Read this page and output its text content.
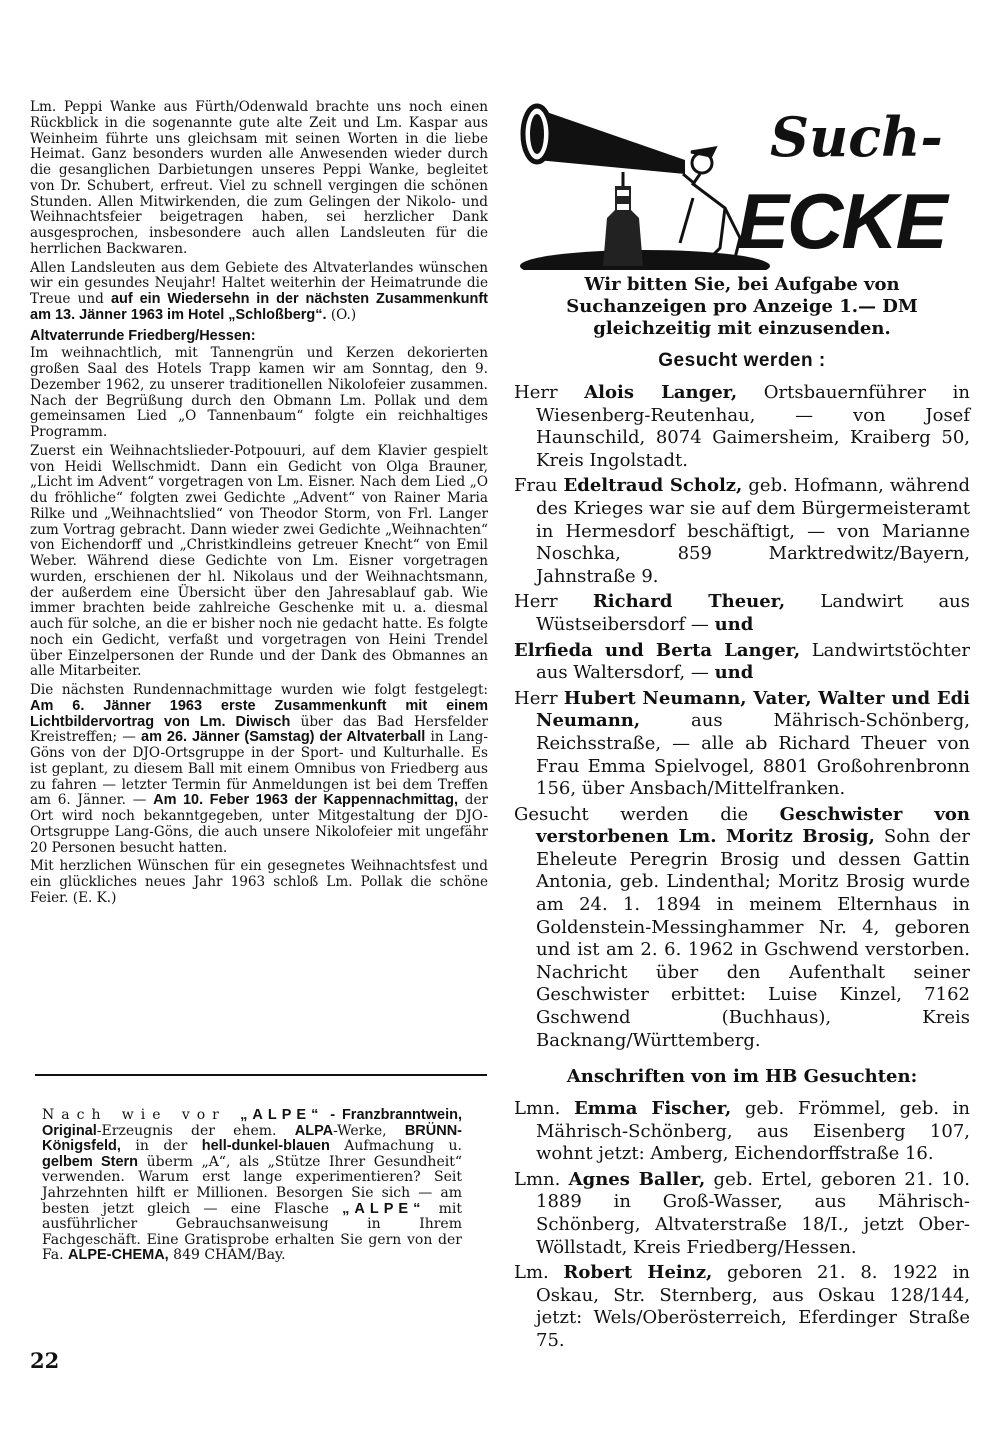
Lm. Peppi Wanke aus Fürth/Odenwald brachte uns noch einen Rückblick in die sogenannte gute alte Zeit und Lm. Kaspar aus Weinheim führte uns gleichsam mit seinen Worten in die liebe Heimat. Ganz besonders wurden alle Anwesenden wieder durch die gesanglichen Darbietungen unseres Peppi Wanke, begleitet von Dr. Schubert, erfreut. Viel zu schnell vergingen die schönen Stunden. Allen Mitwirkenden, die zum Gelingen der Nikolo- und Weihnachtsfeier beigetragen haben, sei herzlicher Dank ausgesprochen, insbesondere auch allen Landsleuten für die herrlichen Backwaren.

Allen Landsleuten aus dem Gebiete des Altvaterlandes wünschen wir ein gesundes Neujahr! Haltet weiterhin der Heimatrunde die Treue und auf ein Wiedersehn in der nächsten Zusammenkunft am 13. Jänner 1963 im Hotel „Schloßberg“. (O.)

Altvaterrunde Friedberg/Hessen:

Im weihnachtlich, mit Tannengrün und Kerzen dekorierten großen Saal des Hotels Trapp kamen wir am Sonntag, den 9. Dezember 1962, zu unserer traditionellen Nikolofeier zusammen. Nach der Begrüßung durch den Obmann Lm. Pollak und dem gemeinsamen Lied „O Tannenbaum“ folgte ein reichhaltiges Programm.

Zuerst ein Weihnachtslieder-Potpouuri, auf dem Klavier gespielt von Heidi Wellschmidt. Dann ein Gedicht von Olga Brauner, „Licht im Advent“ vorgetragen von Lm. Eisner. Nach dem Lied „O du fröhliche“ folgten zwei Gedichte „Advent“ von Rainer Maria Rilke und „Weihnachtslied“ von Theodor Storm, von Frl. Langer zum Vortrag gebracht. Dann wieder zwei Gedichte „Weihnachten“ von Eichendorff und „Christkindleins getreuer Knecht“ von Emil Weber. Während diese Gedichte von Lm. Eisner vorgetragen wurden, erschienen der hl. Nikolaus und der Weihnachtsmann, der außerdem eine Übersicht über den Jahresablauf gab. Wie immer brachten beide zahlreiche Geschenke mit u. a. diesmal auch für solche, an die er bisher noch nie gedacht hatte. Es folgte noch ein Gedicht, verfaßt und vorgetragen von Heini Trendel über Einzelpersonen der Runde und der Dank des Obmannes an alle Mitarbeiter.

Die nächsten Rundennachmittage wurden wie folgt festgelegt: Am 6. Jänner 1963 erste Zusammenkunft mit einem Lichtbildervortrag von Lm. Diwisch über das Bad Hersfelder Kreistreffen; — am 26. Jänner (Samstag) der Altvaterball in Lang-Göns von der DJO-Ortsgruppe in der Sport- und Kulturhalle. Es ist geplant, zu diesem Ball mit einem Omnibus von Friedberg aus zu fahren — letzter Termin für Anmeldungen ist bei dem Treffen am 6. Jänner. — Am 10. Feber 1963 der Kappennachmittag, der Ort wird noch bekanntgegeben, unter Mitgestaltung der DJO-Ortsgruppe Lang-Göns, die auch unsere Nikolofeier mit ungefähr 20 Personen besucht hatten.

Mit herzlichen Wünschen für ein gesegnetes Weihnachtsfest und ein glückliches neues Jahr 1963 schloß Lm. Pollak die schöne Feier. (E. K.)

Nach wie vor „ALPE“ - Franzbranntwein, Original-Erzeugnis der ehem. ALPA-Werke, BRÜNN-Königsfeld, in der hell-dunkel-blauen Aufmachung u. gelbem Stern überm „A“, als „Stütze Ihrer Gesundheit“ verwenden. Warum erst lange experimentieren? Seit Jahrzehnten hilft er Millionen. Besorgen Sie sich — am besten jetzt gleich — eine Flasche „ALPE“ mit ausführlicher Gebrauchsanweisung in Ihrem Fachgeschäft. Eine Gratisprobe erhalten Sie gern von der Fa. ALPE-CHEMA, 849 CHAM/Bay.

22
Such-
ECKE
Wir bitten Sie, bei Aufgabe von Suchanzeigen pro Anzeige 1.— DM gleichzeitig mit einzusenden.
Gesucht werden :

Herr Alois Langer, Ortsbauernführer in Wiesenberg-Reutenhau, — von Josef Haunschild, 8074 Gaimersheim, Kraiberg 50, Kreis Ingolstadt.

Frau Edeltraud Scholz, geb. Hofmann, während des Krieges war sie auf dem Bürgermeisteramt in Hermesdorf beschäftigt, — von Marianne Noschka, 859 Marktredwitz/Bayern, Jahnstraße 9.

Herr Richard Theuer, Landwirt aus Wüstseibersdorf — und

Elrfieda und Berta Langer, Landwirtstöchter aus Waltersdorf, — und

Herr Hubert Neumann, Vater, Walter und Edi Neumann, aus Mährisch-Schönberg, Reichsstraße, — alle ab Richard Theuer von Frau Emma Spielvogel, 8801 Großohrenbronn 156, über Ansbach/Mittelfranken.

Gesucht werden die Geschwister von verstorbenen Lm. Moritz Brosig, Sohn der Eheleute Peregrin Brosig und dessen Gattin Antonia, geb. Lindenthal; Moritz Brosig wurde am 24. 1. 1894 in meinem Elternhaus in Goldenstein-Messinghammer Nr. 4, geboren und ist am 2. 6. 1962 in Gschwend verstorben. Nachricht über den Aufenthalt seiner Geschwister erbittet: Luise Kinzel, 7162 Gschwend (Buchhaus), Kreis Backnang/Württemberg.

Anschriften von im HB Gesuchten:

Lmn. Emma Fischer, geb. Frömmel, geb. in Mährisch-Schönberg, aus Eisenberg 107, wohnt jetzt: Amberg, Eichendorffstraße 16.

Lmn. Agnes Baller, geb. Ertel, geboren 21. 10. 1889 in Groß-Wasser, aus Mährisch-Schönberg, Altvaterstraße 18/I., jetzt Ober-Wöllstadt, Kreis Friedberg/Hessen.

Lm. Robert Heinz, geboren 21. 8. 1922 in Oskau, Str. Sternberg, aus Oskau 128/144, jetzt: Wels/Oberösterreich, Eferdinger Straße 75.
